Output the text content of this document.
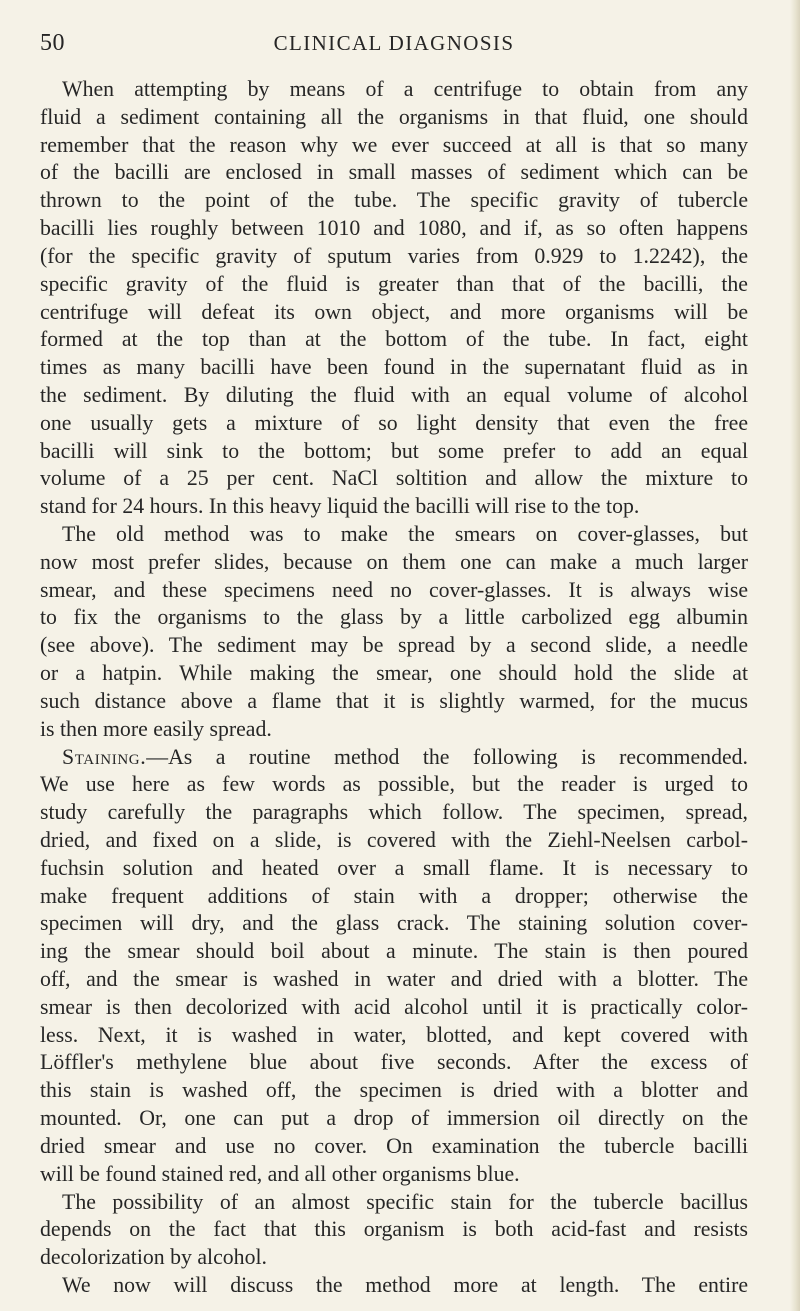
50	CLINICAL DIAGNOSIS
When attempting by means of a centrifuge to obtain from any
fluid a sediment containing all the organisms in that fluid, one should
remember that the reason why we ever succeed at all is that so many
of the bacilli are enclosed in small masses of sediment which can be
thrown to the point of the tube. The specific gravity of tubercle
bacilli lies roughly between 1010 and 1080, and if, as so often happens
(for the specific gravity of sputum varies from 0.929 to 1.2242), the
specific gravity of the fluid is greater than that of the bacilli, the
centrifuge will defeat its own object, and more organisms will be
formed at the top than at the bottom of the tube. In fact, eight
times as many bacilli have been found in the supernatant fluid as in
the sediment. By diluting the fluid with an equal volume of alcohol
one usually gets a mixture of so light density that even the free
bacilli will sink to the bottom; but some prefer to add an equal
volume of a 25 per cent. NaCl soltition and allow the mixture to
stand for 24 hours. In this heavy liquid the bacilli will rise to the top.
The old method was to make the smears on cover-glasses, but
now most prefer slides, because on them one can make a much larger
smear, and these specimens need no cover-glasses. It is always wise
to fix the organisms to the glass by a little carbolized egg albumin
(see above). The sediment may be spread by a second slide, a needle
or a hatpin. While making the smear, one should hold the slide at
such distance above a flame that it is slightly warmed, for the mucus
is then more easily spread.
Staining.—As a routine method the following is recommended.
We use here as few words as possible, but the reader is urged to
study carefully the paragraphs which follow. The specimen, spread,
dried, and fixed on a slide, is covered with the Ziehl-Neelsen carbol-
fuchsin solution and heated over a small flame. It is necessary to
make frequent additions of stain with a dropper; otherwise the
specimen will dry, and the glass crack. The staining solution cover-
ing the smear should boil about a minute. The stain is then poured
off, and the smear is washed in water and dried with a blotter. The
smear is then decolorized with acid alcohol until it is practically color-
less. Next, it is washed in water, blotted, and kept covered with
Löffler's methylene blue about five seconds. After the excess of
this stain is washed off, the specimen is dried with a blotter and
mounted. Or, one can put a drop of immersion oil directly on the
dried smear and use no cover. On examination the tubercle bacilli
will be found stained red, and all other organisms blue.
The possibility of an almost specific stain for the tubercle bacillus
depends on the fact that this organism is both acid-fast and resists
decolorization by alcohol.
We now will discuss the method more at length. The entire
